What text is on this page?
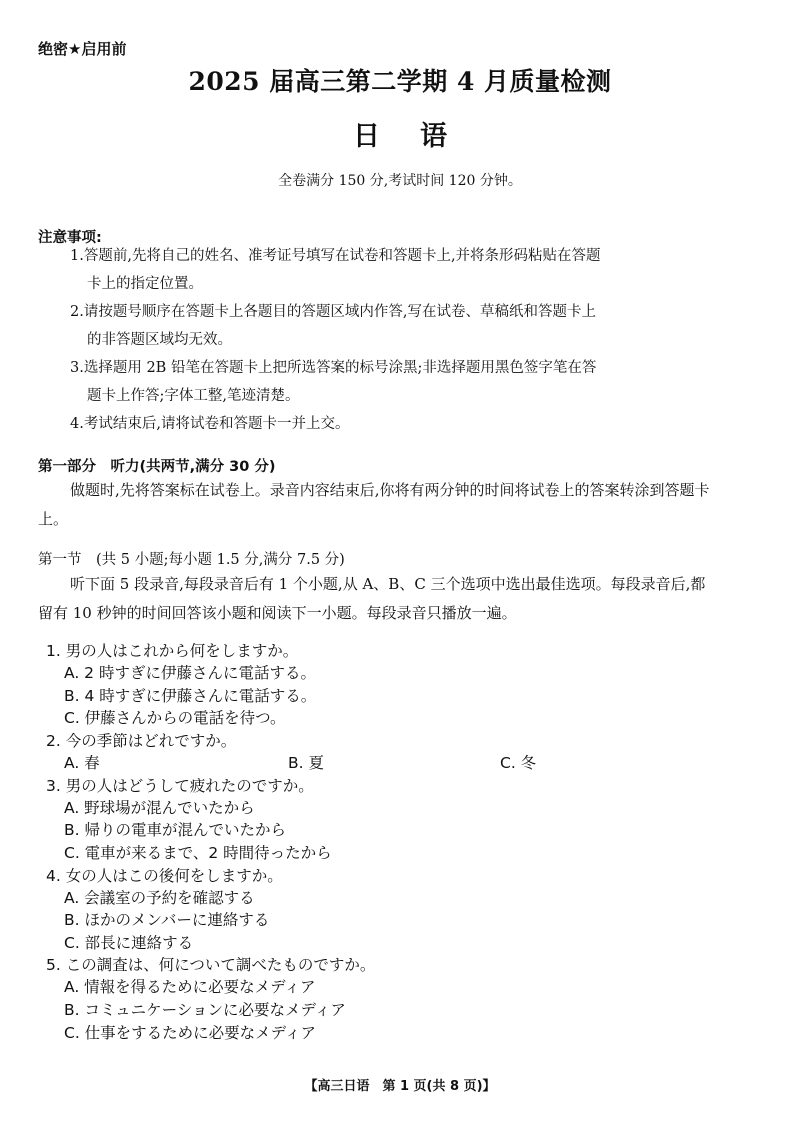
绝密★启用前
2025 届高三第二学期 4 月质量检测
日语
全卷满分 150 分,考试时间 120 分钟。
注意事项:
1.答题前,先将自己的姓名、准考证号填写在试卷和答题卡上,并将条形码粘贴在答题
卡上的指定位置。
2.请按题号顺序在答题卡上各题目的答题区域内作答,写在试卷、草稿纸和答题卡上
的非答题区域均无效。
3.选择题用 2B 铅笔在答题卡上把所选答案的标号涂黑;非选择题用黑色签字笔在答
题卡上作答;字体工整,笔迹清楚。
4.考试结束后,请将试卷和答题卡一并上交。
第一部分　听力(共两节,满分 30 分)

做题时,先将答案标在试卷上。录音内容结束后,你将有两分钟的时间将试卷上的答案转涂到答题卡上。

第一节　(共 5 小题;每小题 1.5 分,满分 7.5 分)

听下面 5 段录音,每段录音后有 1 个小题,从 A、B、C 三个选项中选出最佳选项。每段录音后,都留有 10 秒钟的时间回答该小题和阅读下一小题。每段录音只播放一遍。

1. 男の人はこれから何をしますか。
A. 2 時すぎに伊藤さんに電話する。
B. 4 時すぎに伊藤さんに電話する。
C. 伊藤さんからの電話を待つ。
2. 今の季節はどれですか。
A. 春	B. 夏	C. 冬
3. 男の人はどうして疲れたのですか。
A. 野球場が混んでいたから
B. 帰りの電車が混んでいたから
C. 電車が来るまで、2 時間待ったから
4. 女の人はこの後何をしますか。
A. 会議室の予約を確認する
B. ほかのメンバーに連絡する
C. 部長に連絡する
5. この調査は、何について調べたものですか。
A. 情報を得るために必要なメディア
B. コミュニケーションに必要なメディア
C. 仕事をするために必要なメディア
【高三日语　第 1 页(共 8 页)】
